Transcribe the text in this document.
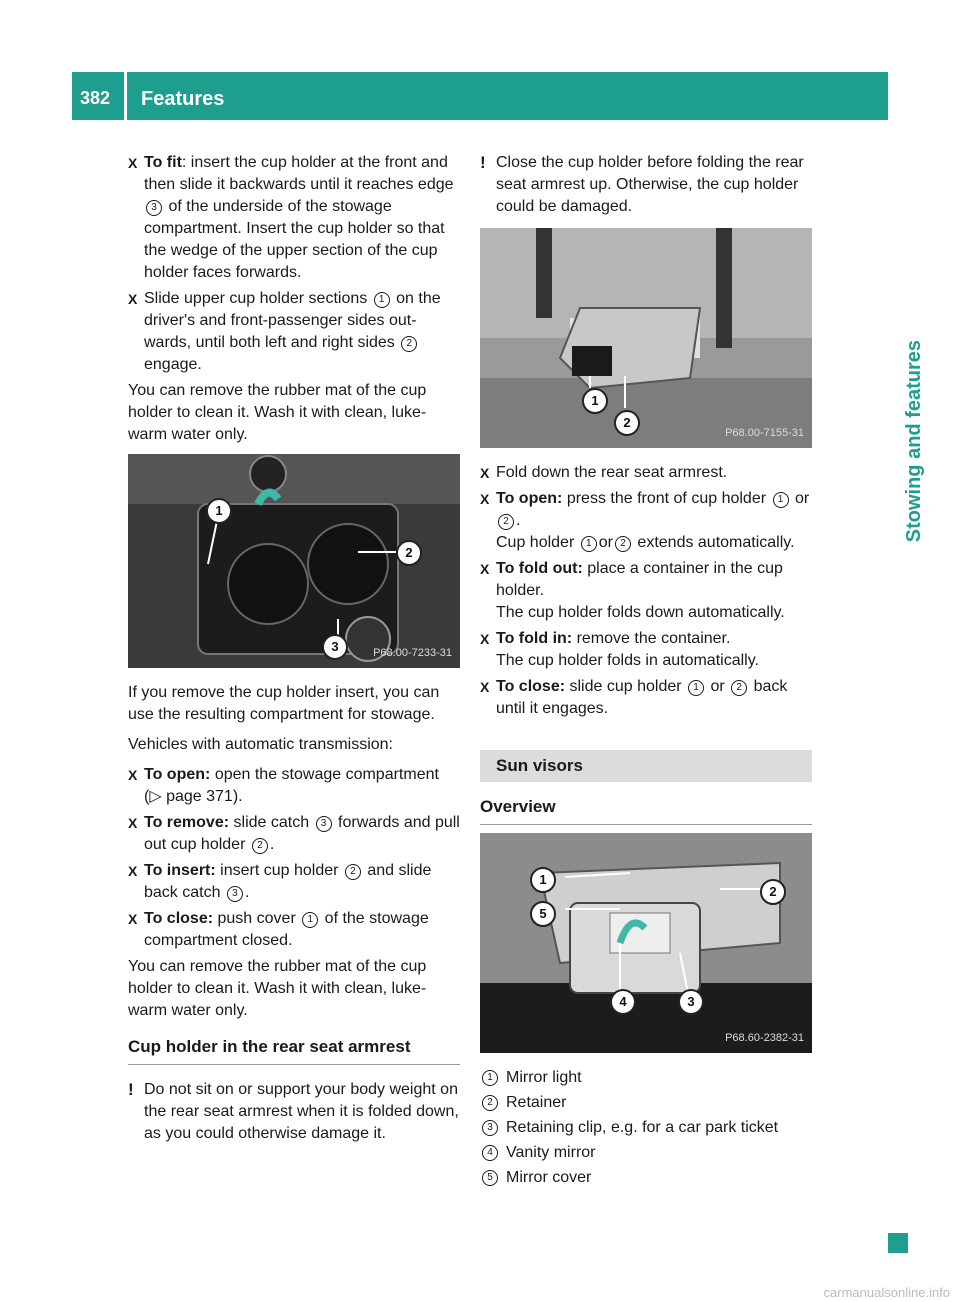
382 Features
Stowing and features
X To fit: insert the cup holder at the front and then slide it backwards until it reaches edge 3 of the underside of the stowage compartment. Insert the cup holder so that the wedge of the upper section of the cup holder faces forwards.
X Slide upper cup holder sections 1 on the driver's and front-passenger sides out-wards, until both left and right sides 2 engage.

You can remove the rubber mat of the cup holder to clean it. Wash it with clean, luke-warm water only.

1
2
3	P68.00-7233-31

If you remove the cup holder insert, you can use the resulting compartment for stowage.

Vehicles with automatic transmission:

X To open: open the stowage compartment
(▷ page 371).
X To remove: slide catch 3 forwards and pull out cup holder 2 .
X To insert: insert cup holder 2 and slide back catch 3 .
X To close: push cover 1 of the stowage compartment closed.

You can remove the rubber mat of the cup holder to clean it. Wash it with clean, luke-warm water only.

Cup holder in the rear seat armrest
! Do not sit on or support your body weight on the rear seat armrest when it is folded down, as you could otherwise damage it.
! Close the cup holder before folding the rear seat armrest up. Otherwise, the cup holder could be damaged.
1
2
P68.00-7155-31
X Fold down the rear seat armrest.
X To open: press the front of cup holder 1 or 2 .
Cup holder 1 or 2 extends automatically.
X To fold out: place a container in the cup holder.
The cup holder folds down automatically.
X To fold in: remove the container.
The cup holder folds in automatically.
X To close: slide cup holder 1 or 2 back until it engages.
Sun visors
Overview
1
2
3
4
5
P68.60-2382-31
1 Mirror light
2 Retainer
3 Retaining clip, e.g. for a car park ticket
4 Vanity mirror
5 Mirror cover
carmanualsonline.info
